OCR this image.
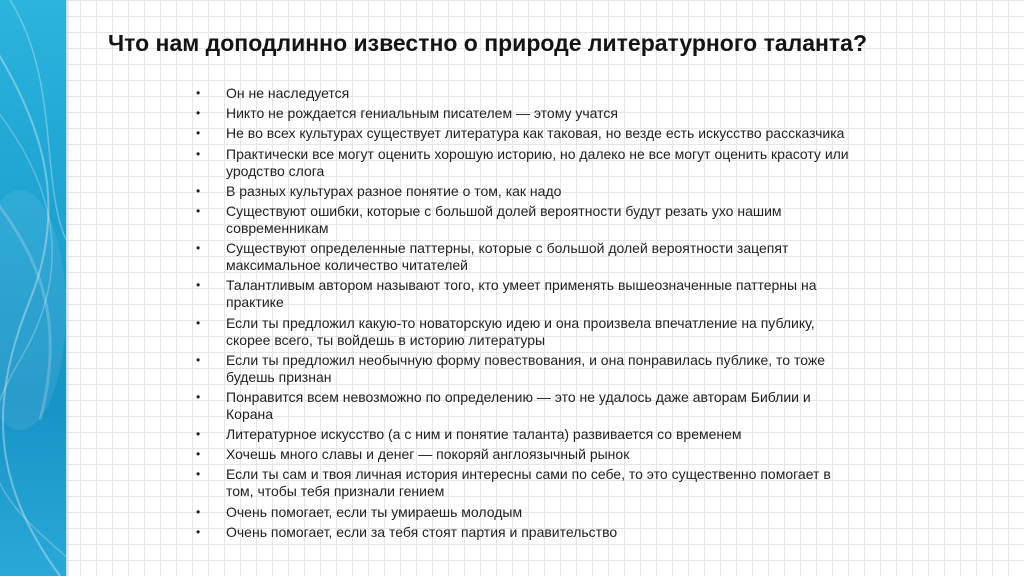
Что нам доподлинно известно о природе литературного таланта?
• Он не наследуется
• Никто не рождается гениальным писателем — этому учатся
• Не во всех культурах существует литература как таковая, но везде есть искусство рассказчика
• Практически все могут оценить хорошую историю, но далеко не все могут оценить красоту или уродство слога
• В разных культурах разное понятие о том, как надо
• Существуют ошибки, которые с большой долей вероятности будут резать ухо нашим современникам
• Существуют определенные паттерны, которые с большой долей вероятности зацепят максимальное количество читателей
• Талантливым автором называют того, кто умеет применять вышеозначенные паттерны на практике
• Если ты предложил какую-то новаторскую идею и она произвела впечатление на публику, скорее всего, ты войдешь в историю литературы
• Если ты предложил необычную форму повествования, и она понравилась публике, то тоже будешь признан
• Понравится всем невозможно по определению — это не удалось даже авторам Библии и Корана
• Литературное искусство (а с ним и понятие таланта) развивается со временем
• Хочешь много славы и денег — покоряй англоязычный рынок
• Если ты сам и твоя личная история интересны сами по себе, то это существенно помогает в том, чтобы тебя признали гением
• Очень помогает, если ты умираешь молодым
• Очень помогает, если за тебя стоят партия и правительство
